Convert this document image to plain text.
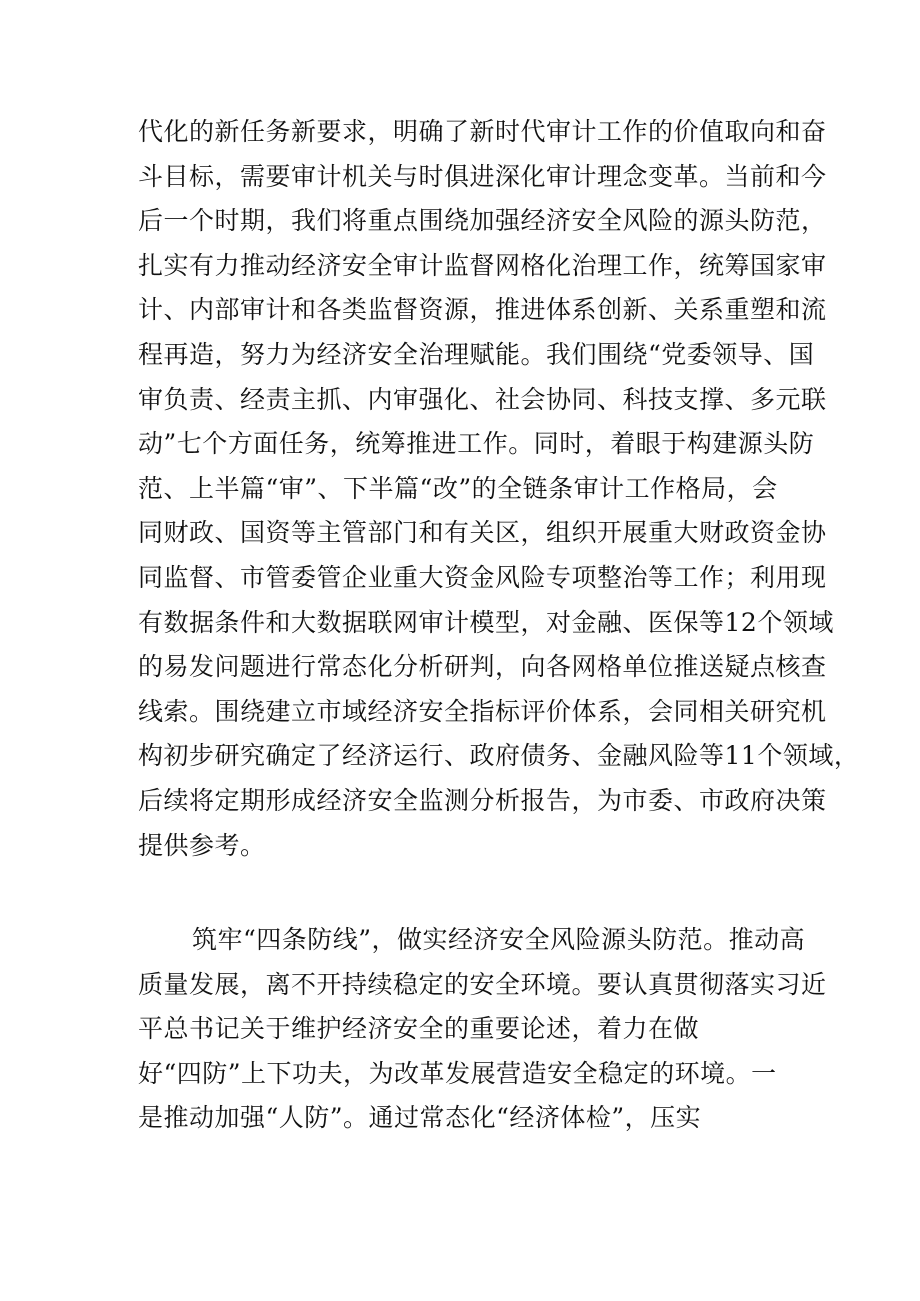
代化的新任务新要求，明确了新时代审计工作的价值取向和奋
斗目标，需要审计机关与时俱进深化审计理念变革。当前和今
后一个时期，我们将重点围绕加强经济安全风险的源头防范，
扎实有力推动经济安全审计监督网格化治理工作，统筹国家审
计、内部审计和各类监督资源，推进体系创新、关系重塑和流
程再造，努力为经济安全治理赋能。我们围绕“党委领导、国
审负责、经责主抓、内审强化、社会协同、科技支撑、多元联
动”七个方面任务，统筹推进工作。同时，着眼于构建源头防
范、上半篇“审”、下半篇“改”的全链条审计工作格局，会
同财政、国资等主管部门和有关区，组织开展重大财政资金协
同监督、市管委管企业重大资金风险专项整治等工作；利用现
有数据条件和大数据联网审计模型，对金融、医保等12个领域
的易发问题进行常态化分析研判，向各网格单位推送疑点核查
线索。围绕建立市域经济安全指标评价体系，会同相关研究机
构初步研究确定了经济运行、政府债务、金融风险等11个领域，
后续将定期形成经济安全监测分析报告，为市委、市政府决策
提供参考。
筑牢“四条防线”，做实经济安全风险源头防范。推动高
质量发展，离不开持续稳定的安全环境。要认真贯彻落实习近
平总书记关于维护经济安全的重要论述，着力在做
好“四防”上下功夫，为改革发展营造安全稳定的环境。一
是推动加强“人防”。通过常态化“经济体检”，压实
